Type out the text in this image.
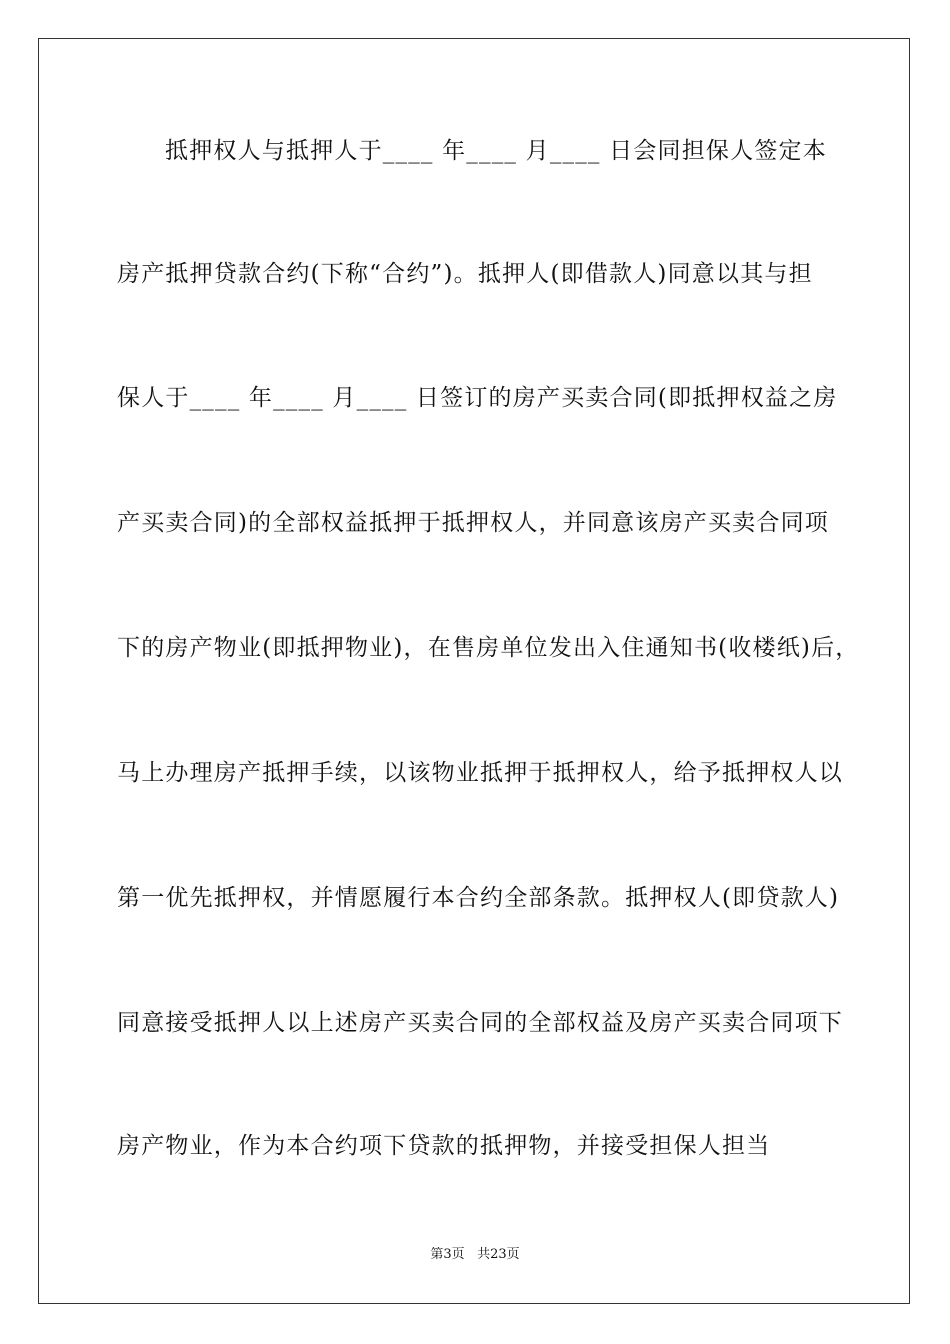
抵押权人与抵押人于____ 年____ 月____ 日会同担保人签定本
房产抵押贷款合约(下称“合约”)。抵押人(即借款人)同意以其与担
保人于____ 年____ 月____ 日签订的房产买卖合同(即抵押权益之房
产买卖合同)的全部权益抵押于抵押权人，并同意该房产买卖合同项
下的房产物业(即抵押物业)，在售房单位发出入住通知书(收楼纸)后，
马上办理房产抵押手续，以该物业抵押于抵押权人，给予抵押权人以
第一优先抵押权，并情愿履行本合约全部条款。抵押权人(即贷款人)
同意接受抵押人以上述房产买卖合同的全部权益及房产买卖合同项下
房产物业，作为本合约项下贷款的抵押物，并接受担保人担当
第3页 共23页
